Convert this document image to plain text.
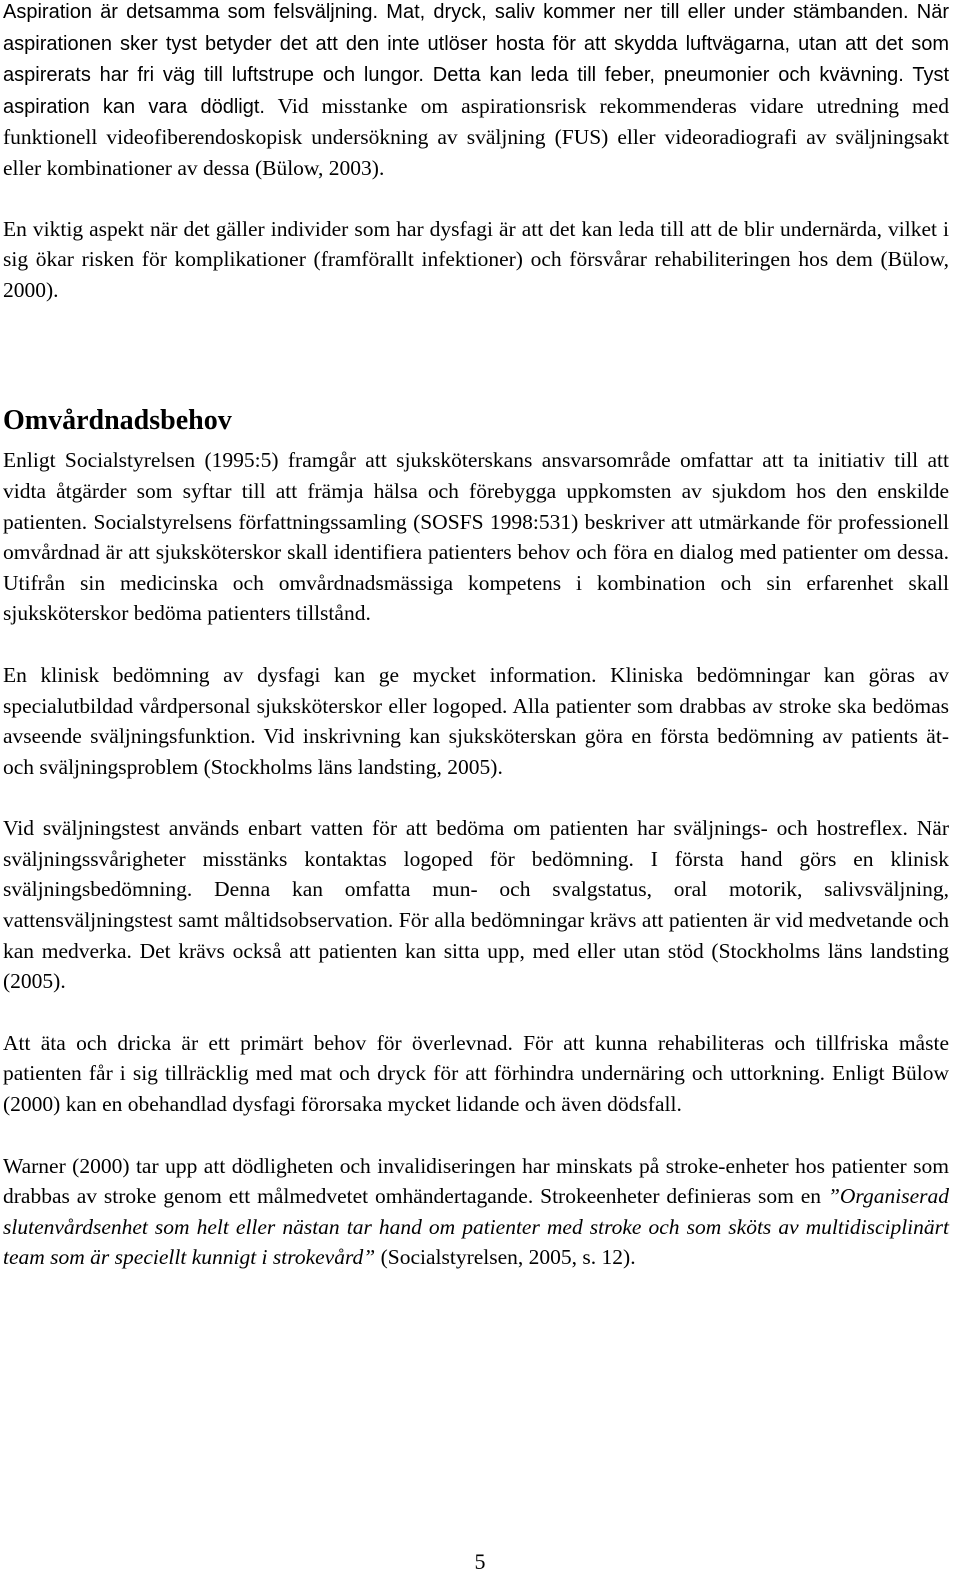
Aspiration är detsamma som felsväljning. Mat, dryck, saliv kommer ner till eller under stämbanden. När aspirationen sker tyst betyder det att den inte utlöser hosta för att skydda luftvägarna, utan att det som aspirerats har fri väg till luftstrupe och lungor. Detta kan leda till feber, pneumonier och kvävning. Tyst aspiration kan vara dödligt. Vid misstanke om aspirationsrisk rekommenderas vidare utredning med funktionell videofiberendoskopisk undersökning av sväljning (FUS) eller videoradiografi av sväljningsakt eller kombinationer av dessa (Bülow, 2003).

En viktig aspekt när det gäller individer som har dysfagi är att det kan leda till att de blir undernärda, vilket i sig ökar risken för komplikationer (framförallt infektioner) och försvårar rehabiliteringen hos dem (Bülow, 2000).

Omvårdnadsbehov

Enligt Socialstyrelsen (1995:5) framgår att sjuksköterskans ansvarsområde omfattar att ta initiativ till att vidta åtgärder som syftar till att främja hälsa och förebygga uppkomsten av sjukdom hos den enskilde patienten. Socialstyrelsens författningssamling (SOSFS 1998:531) beskriver att utmärkande för professionell omvårdnad är att sjuksköterskor skall identifiera patienters behov och föra en dialog med patienter om dessa. Utifrån sin medicinska och omvårdnadsmässiga kompetens i kombination och sin erfarenhet skall sjuksköterskor bedöma patienters tillstånd.

En klinisk bedömning av dysfagi kan ge mycket information. Kliniska bedömningar kan göras av specialutbildad vårdpersonal sjuksköterskor eller logoped. Alla patienter som drabbas av stroke ska bedömas avseende sväljningsfunktion. Vid inskrivning kan sjuksköterskan göra en första bedömning av patients ät- och sväljningsproblem (Stockholms läns landsting, 2005).

Vid sväljningstest används enbart vatten för att bedöma om patienten har sväljnings- och hostreflex. När sväljningssvårigheter misstänks kontaktas logoped för bedömning. I första hand görs en klinisk sväljningsbedömning. Denna kan omfatta mun- och svalgstatus, oral motorik, salivsväljning, vattensväljningstest samt måltidsobservation. För alla bedömningar krävs att patienten är vid medvetande och kan medverka. Det krävs också att patienten kan sitta upp, med eller utan stöd (Stockholms läns landsting (2005).

Att äta och dricka är ett primärt behov för överlevnad. För att kunna rehabiliteras och tillfriska måste patienten får i sig tillräcklig med mat och dryck för att förhindra undernäring och uttorkning. Enligt Bülow (2000) kan en obehandlad dysfagi förorsaka mycket lidande och även dödsfall.

Warner (2000) tar upp att dödligheten och invalidiseringen har minskats på stroke-enheter hos patienter som drabbas av stroke genom ett målmedvetet omhändertagande. Strokeenheter definieras som en ”Organiserad slutenvårdsenhet som helt eller nästan tar hand om patienter med stroke och som sköts av multidisciplinärt team som är speciellt kunnigt i strokevård” (Socialstyrelsen, 2005, s. 12).

5
